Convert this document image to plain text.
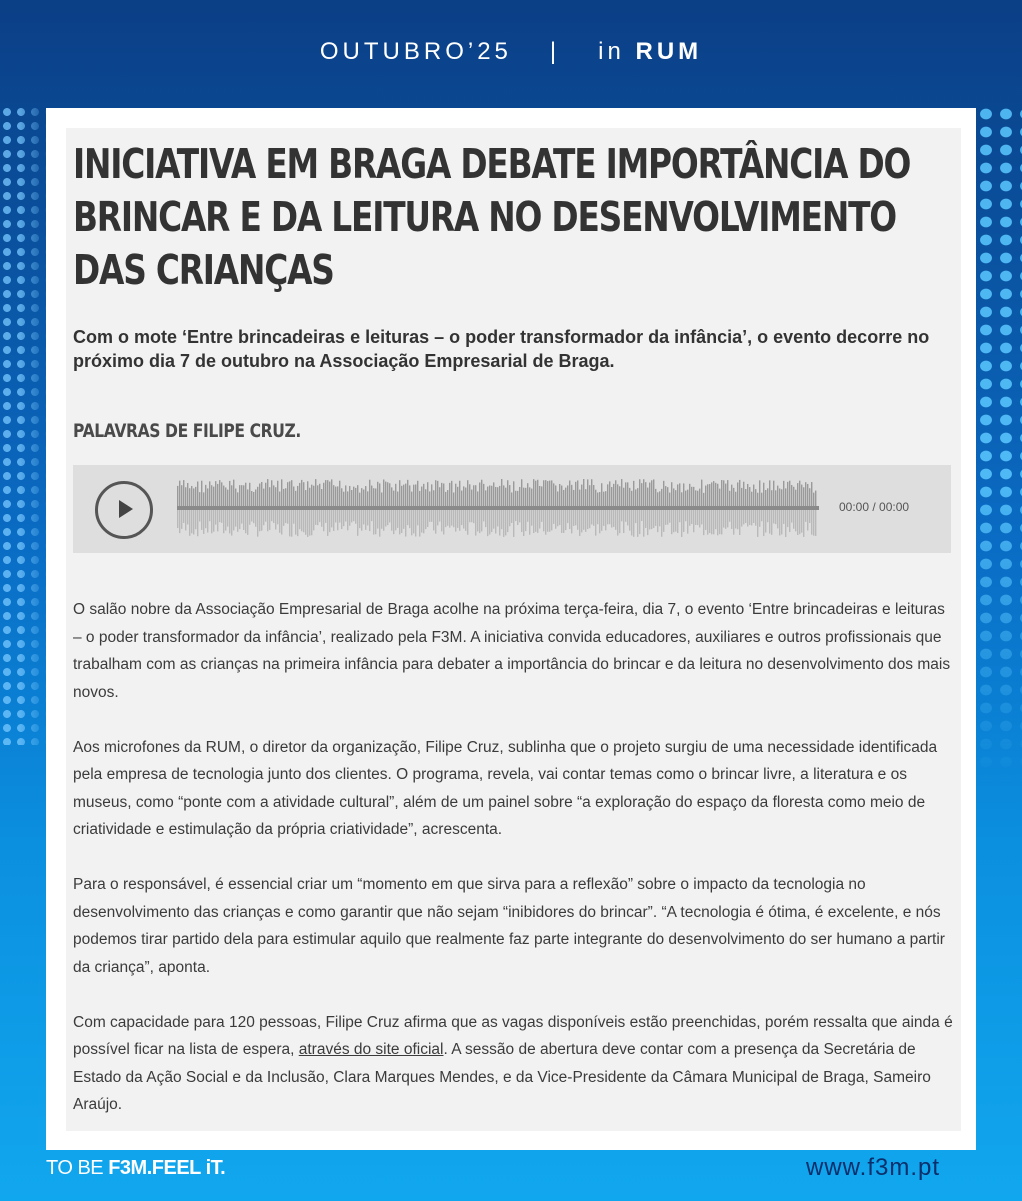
OUTUBRO’25 | in RUM
INICIATIVA EM BRAGA DEBATE IMPORTÂNCIA DO BRINCAR E DA LEITURA NO DESENVOLVIMENTO DAS CRIANÇAS

Com o mote ‘Entre brincadeiras e leituras – o poder transformador da infância’, o evento decorre no próximo dia 7 de outubro na Associação Empresarial de Braga.

PALAVRAS DE FILIPE CRUZ.
00:00 / 00:00

O salão nobre da Associação Empresarial de Braga acolhe na próxima terça-feira, dia 7, o evento ‘Entre brincadeiras e leituras – o poder transformador da infância’, realizado pela F3M. A iniciativa convida educadores, auxiliares e outros profissionais que trabalham com as crianças na primeira infância para debater a importância do brincar e da leitura no desenvolvimento dos mais novos.

Aos microfones da RUM, o diretor da organização, Filipe Cruz, sublinha que o projeto surgiu de uma necessidade identificada pela empresa de tecnologia junto dos clientes. O programa, revela, vai contar temas como o brincar livre, a literatura e os museus, como “ponte com a atividade cultural”, além de um painel sobre “a exploração do espaço da floresta como meio de criatividade e estimulação da própria criatividade”, acrescenta.

Para o responsável, é essencial criar um “momento em que sirva para a reflexão” sobre o impacto da tecnologia no desenvolvimento das crianças e como garantir que não sejam “inibidores do brincar”. “A tecnologia é ótima, é excelente, e nós podemos tirar partido dela para estimular aquilo que realmente faz parte integrante do desenvolvimento do ser humano a partir da criança”, aponta.

Com capacidade para 120 pessoas, Filipe Cruz afirma que as vagas disponíveis estão preenchidas, porém ressalta que ainda é possível ficar na lista de espera, através do site oficial. A sessão de abertura deve contar com a presença da Secretária de Estado da Ação Social e da Inclusão, Clara Marques Mendes, e da Vice-Presidente da Câmara Municipal de Braga, Sameiro Araújo.

TO BE F3M.FEEL iT.	www.f3m.pt
